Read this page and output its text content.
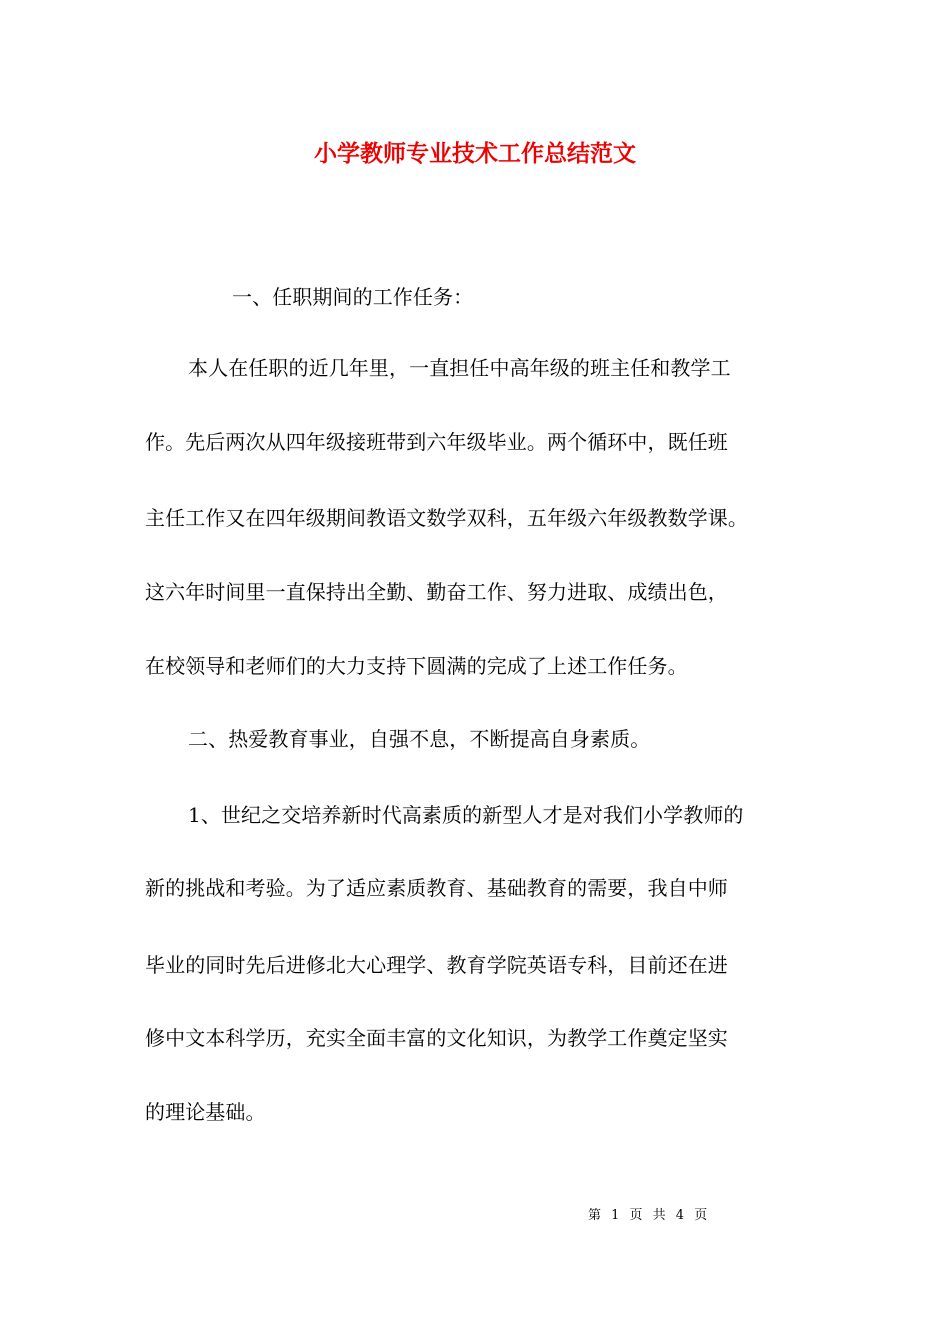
小学教师专业技术工作总结范文
一、任职期间的工作任务：
本人在任职的近几年里，一直担任中高年级的班主任和教学工
作。先后两次从四年级接班带到六年级毕业。两个循环中，既任班
主任工作又在四年级期间教语文数学双科，五年级六年级教数学课。
这六年时间里一直保持出全勤、勤奋工作、努力进取、成绩出色，
在校领导和老师们的大力支持下圆满的完成了上述工作任务。
二、热爱教育事业，自强不息，不断提高自身素质。
1、世纪之交培养新时代高素质的新型人才是对我们小学教师的
新的挑战和考验。为了适应素质教育、基础教育的需要，我自中师
毕业的同时先后进修北大心理学、教育学院英语专科，目前还在进
修中文本科学历，充实全面丰富的文化知识，为教学工作奠定坚实
的理论基础。
第 1 页 共 4 页
